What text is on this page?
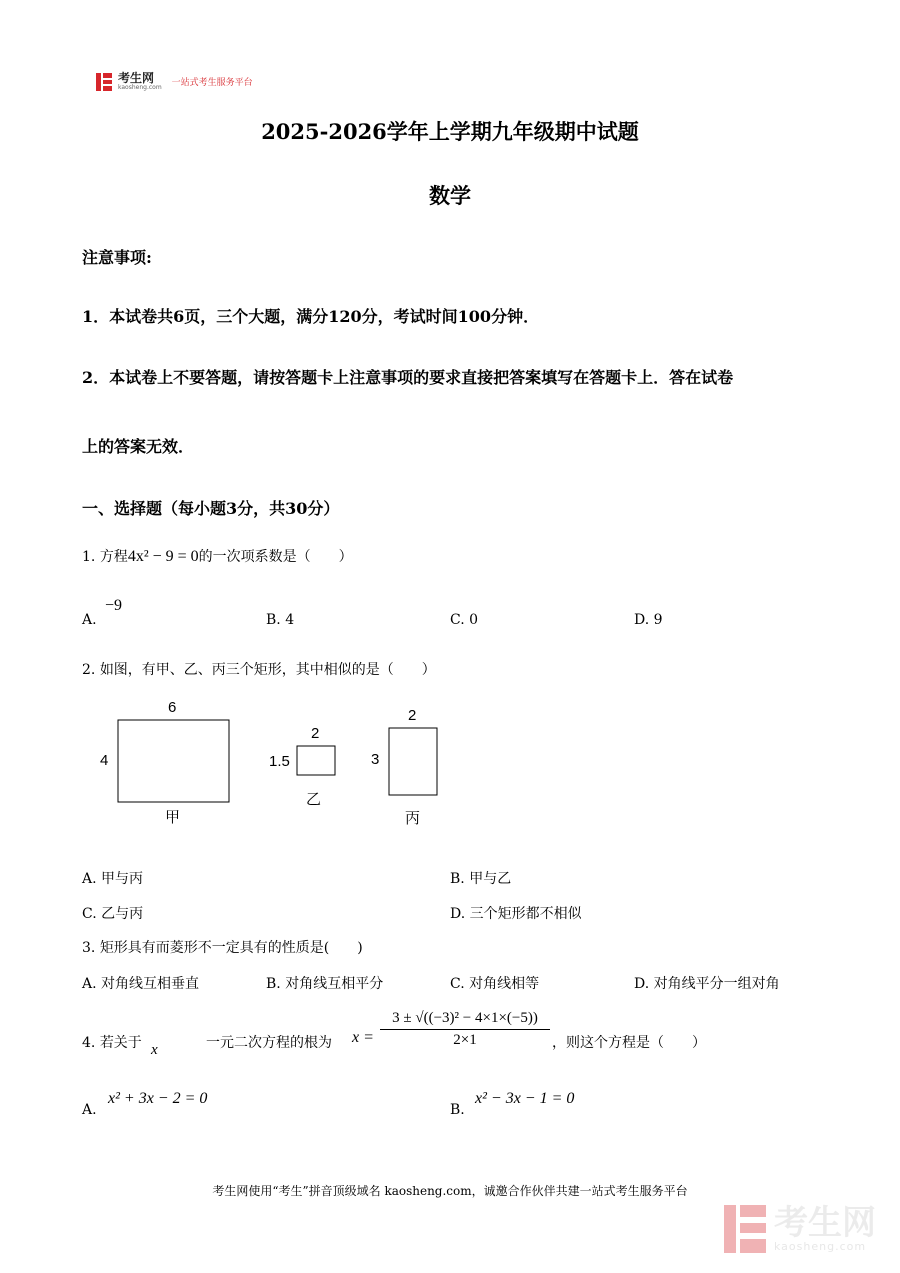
考生网
kaosheng.com 一站式考生服务平台
2025-2026学年上学期九年级期中试题
数学
注意事项:
1．本试卷共6页，三个大题，满分120分，考试时间100分钟．
2．本试卷上不要答题，请按答题卡上注意事项的要求直接把答案填写在答题卡上．答在试卷
上的答案无效．
一、选择题（每小题3分，共30分）
1. 方程4x² − 9 = 0的一次项系数是（　　）
A.
−9
B. 4	C. 0	D. 9
2. 如图，有甲、乙、丙三个矩形，其中相似的是（　　）
6
4
甲
2
1.5
乙
2
3
丙
A. 甲与丙	B. 甲与乙
C. 乙与丙	D. 三个矩形都不相似
3. 矩形具有而菱形不一定具有的性质是(　　)
A. 对角线互相垂直	B. 对角线互相平分	C. 对角线相等	D. 对角线平分一组对角
4. 若关于 x	一元二次方程的根为 $x = \frac{\text{3 ± √((−3)² − 4×1×(−5))}}{2\times 1}$ ，则这个方程是（　　）
A.
x² + 3x − 2 = 0
B.
x² − 3x − 1 = 0
考生网使用“考生”拼音顶级域名 kaosheng.com，诚邀合作伙伴共建一站式考生服务平台
考生网
kaosheng.com
